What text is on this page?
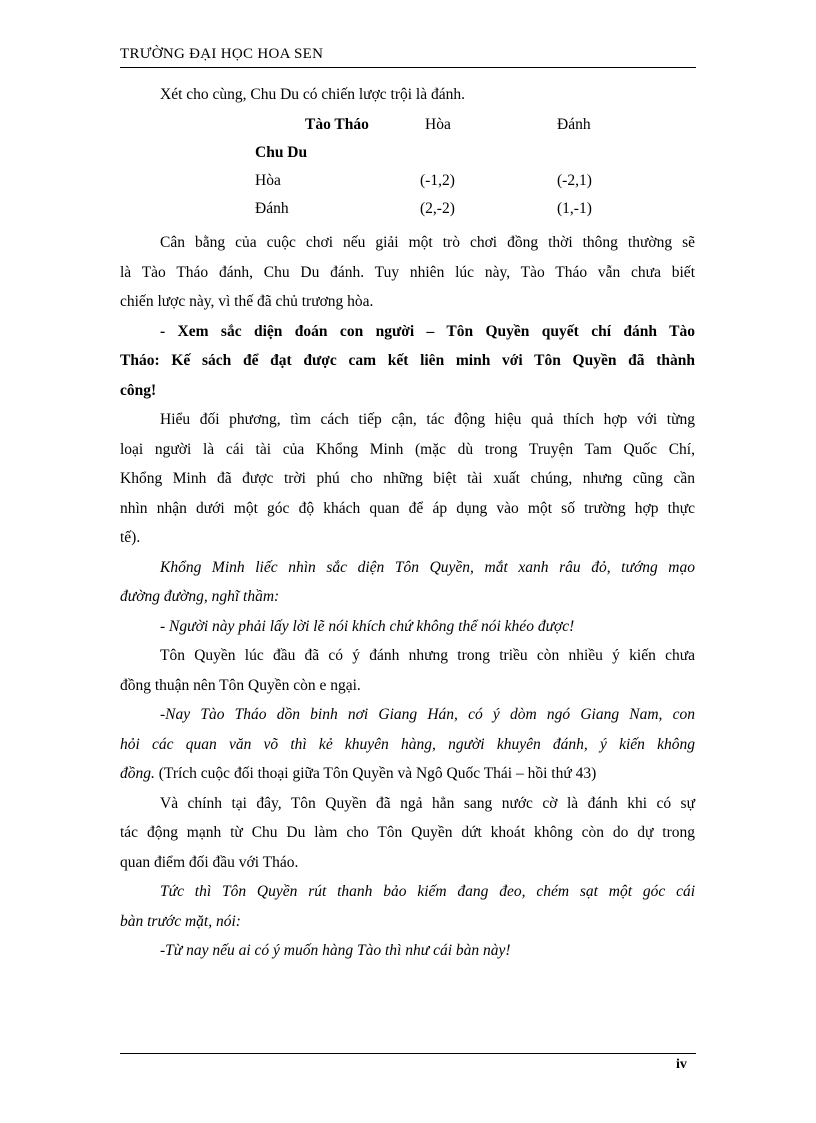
TRƯỜNG ĐẠI HỌC HOA SEN

Xét cho cùng, Chu Du có chiến lược trội là đánh.

Tào Tháo	Hòa	Đánh
Chu Du
Hòa	(-1,2)	(-2,1)
Đánh	(2,-2)	(1,-1)

Cân bằng của cuộc chơi nếu giải một trò chơi đồng thời thông thường sẽ

là Tào Tháo đánh, Chu Du đánh. Tuy nhiên lúc này, Tào Tháo vẫn chưa biết

chiến lược này, vì thế đã chủ trương hòa.

- Xem sắc diện đoán con người – Tôn Quyền quyết chí đánh Tào

Tháo: Kế sách để đạt được cam kết liên minh với Tôn Quyền đã thành

công!

Hiểu đối phương, tìm cách tiếp cận, tác động hiệu quả thích hợp với từng

loại người là cái tài của Khổng Minh (mặc dù trong Truyện Tam Quốc Chí,

Khổng Minh đã được trời phú cho những biệt tài xuất chúng, nhưng cũng cần

nhìn nhận dưới một góc độ khách quan để áp dụng vào một số trường hợp thực

tế).

Khổng Minh liếc nhìn sắc diện Tôn Quyền, mắt xanh râu đỏ, tướng mạo

đường đường, nghĩ thầm:

- Người này phải lấy lời lẽ nói khích chứ không thể nói khéo được!

Tôn Quyền lúc đầu đã có ý đánh nhưng trong triều còn nhiều ý kiến chưa

đồng thuận nên Tôn Quyền còn e ngại.

-Nay Tào Tháo dồn binh nơi Giang Hán, có ý dòm ngó Giang Nam, con

hỏi các quan văn võ thì kẻ khuyên hàng, người khuyên đánh, ý kiến không

đồng. (Trích cuộc đối thoại giữa Tôn Quyền và Ngô Quốc Thái – hồi thứ 43)

Và chính tại đây, Tôn Quyền đã ngả hẳn sang nước cờ là đánh khi có sự

tác động mạnh từ Chu Du làm cho Tôn Quyền dứt khoát không còn do dự trong

quan điểm đối đầu với Tháo.

Tức thì Tôn Quyền rút thanh bảo kiếm đang đeo, chém sạt một góc cái

bàn trước mặt, nói:

-Từ nay nếu ai có ý muốn hàng Tào thì như cái bàn này!

iv
